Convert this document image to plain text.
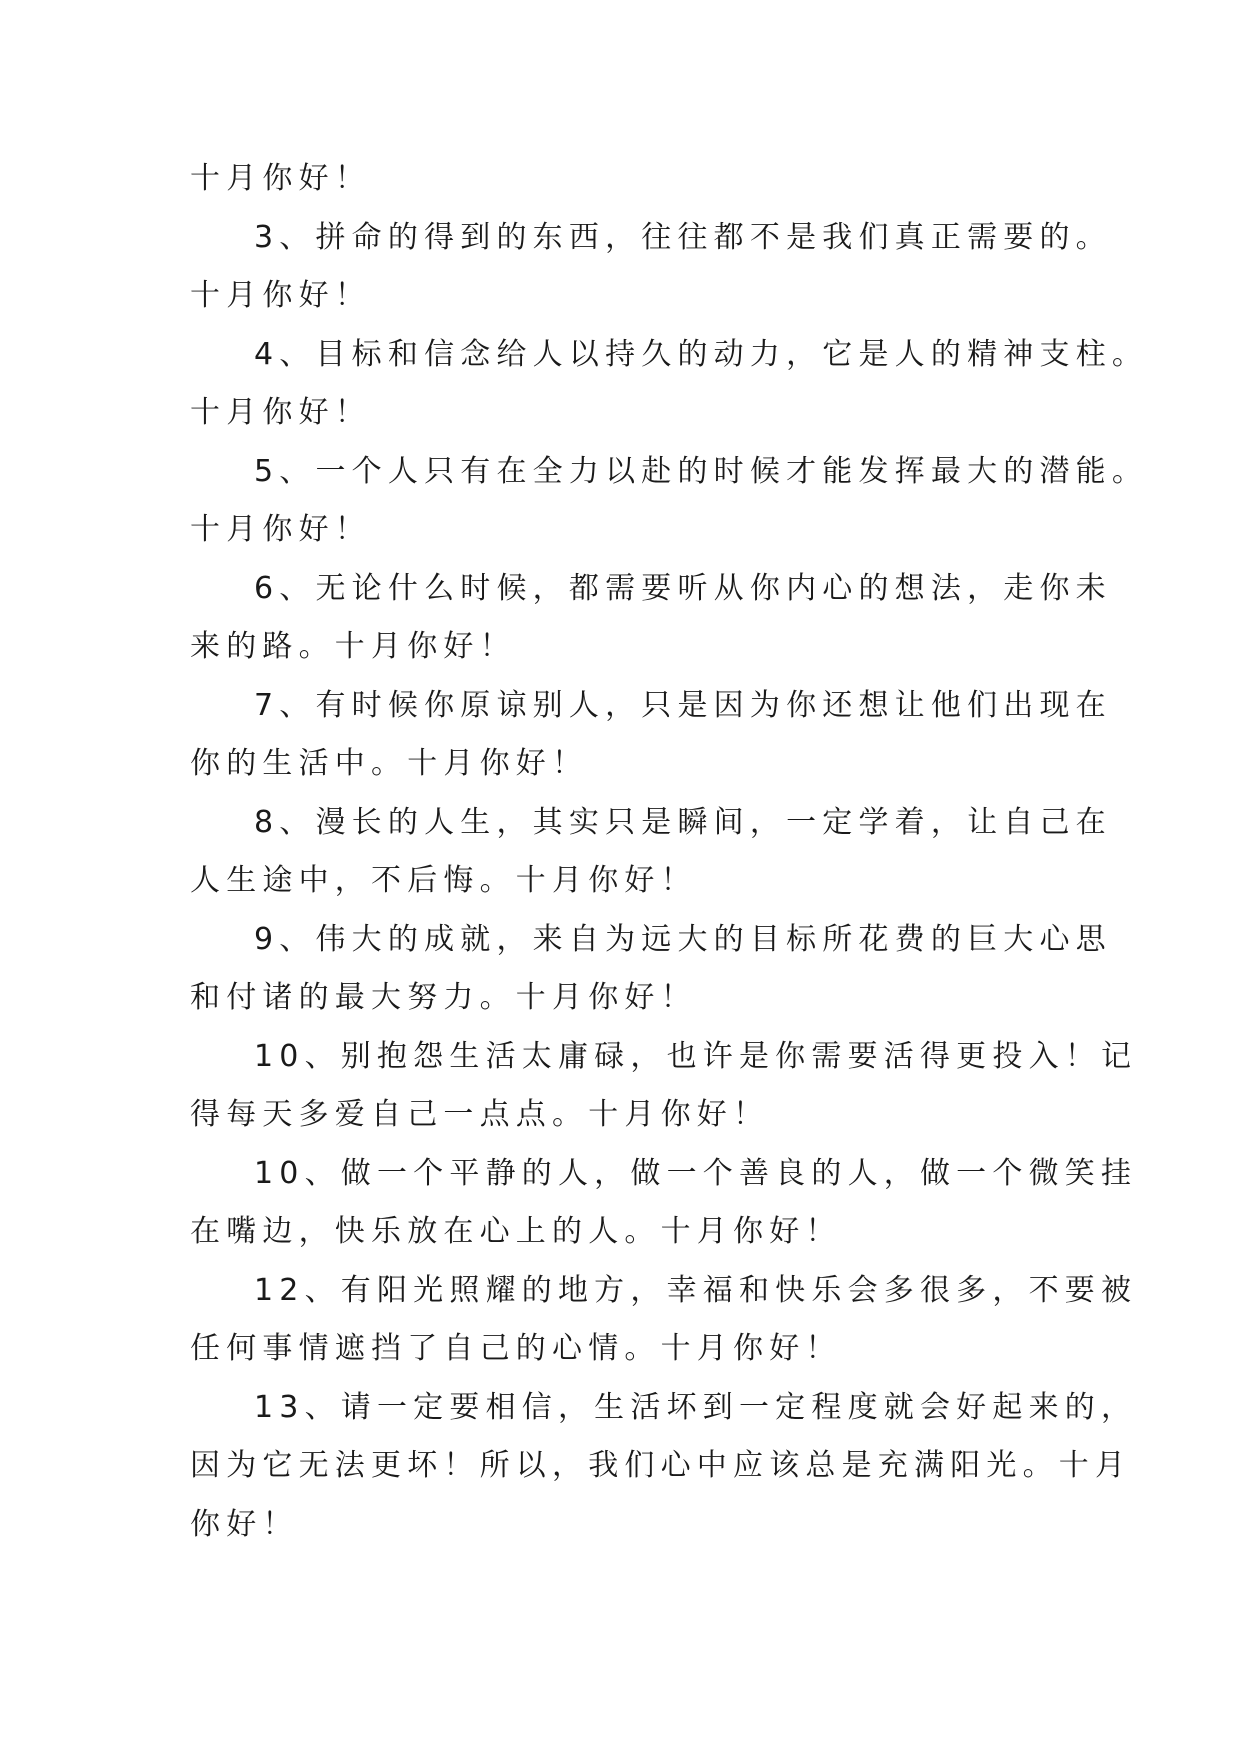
十月你好！
3、拼命的得到的东西，往往都不是我们真正需要的。
十月你好！
4、目标和信念给人以持久的动力，它是人的精神支柱。
十月你好！
5、一个人只有在全力以赴的时候才能发挥最大的潜能。
十月你好！
6、无论什么时候，都需要听从你内心的想法，走你未
来的路。十月你好！
7、有时候你原谅别人，只是因为你还想让他们出现在
你的生活中。十月你好！
8、漫长的人生，其实只是瞬间，一定学着，让自己在
人生途中，不后悔。十月你好！
9、伟大的成就，来自为远大的目标所花费的巨大心思
和付诸的最大努力。十月你好！
10、别抱怨生活太庸碌，也许是你需要活得更投入！记
得每天多爱自己一点点。十月你好！
10、做一个平静的人，做一个善良的人，做一个微笑挂
在嘴边，快乐放在心上的人。十月你好！
12、有阳光照耀的地方，幸福和快乐会多很多，不要被
任何事情遮挡了自己的心情。十月你好！
13、请一定要相信，生活坏到一定程度就会好起来的，
因为它无法更坏！所以，我们心中应该总是充满阳光。十月
你好！
